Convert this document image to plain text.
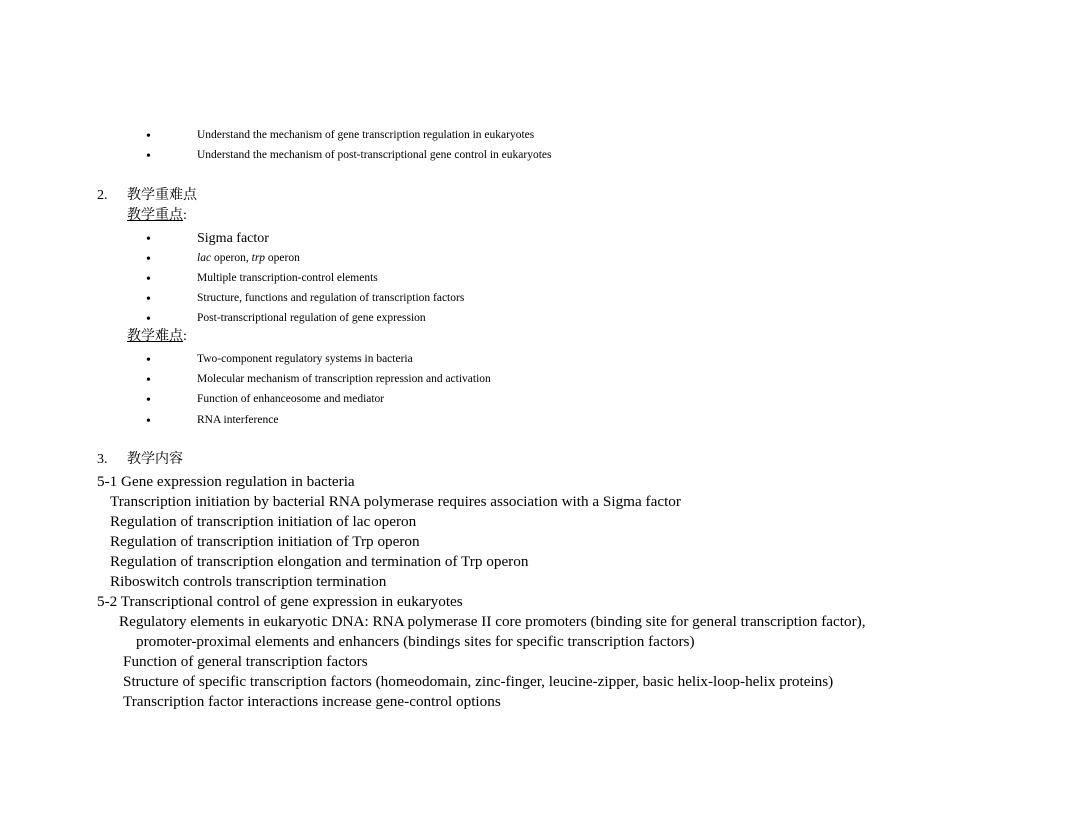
•	Understand the mechanism of gene transcription regulation in eukaryotes
•	Understand the mechanism of post-transcriptional gene control in eukaryotes
2. 教学重难点
教学重点:
•	Sigma factor
•	lac operon, trp operon
•	Multiple transcription-control elements
•	Structure, functions and regulation of transcription factors
•	Post-transcriptional regulation of gene expression
教学难点:
•	Two-component regulatory systems in bacteria
•	Molecular mechanism of transcription repression and activation
•	Function of enhanceosome and mediator
•	RNA interference
3. 教学内容
5-1 Gene expression regulation in bacteria
Transcription initiation by bacterial RNA polymerase requires association with a Sigma factor
Regulation of transcription initiation of lac operon
Regulation of transcription initiation of Trp operon
Regulation of transcription elongation and termination of Trp operon
Riboswitch controls transcription termination
5-2 Transcriptional control of gene expression in eukaryotes
Regulatory elements in eukaryotic DNA: RNA polymerase II core promoters (binding site for general transcription factor),
promoter-proximal elements and enhancers (bindings sites for specific transcription factors)
Function of general transcription factors
Structure of specific transcription factors (homeodomain, zinc-finger, leucine-zipper, basic helix-loop-helix proteins)
Transcription factor interactions increase gene-control options
